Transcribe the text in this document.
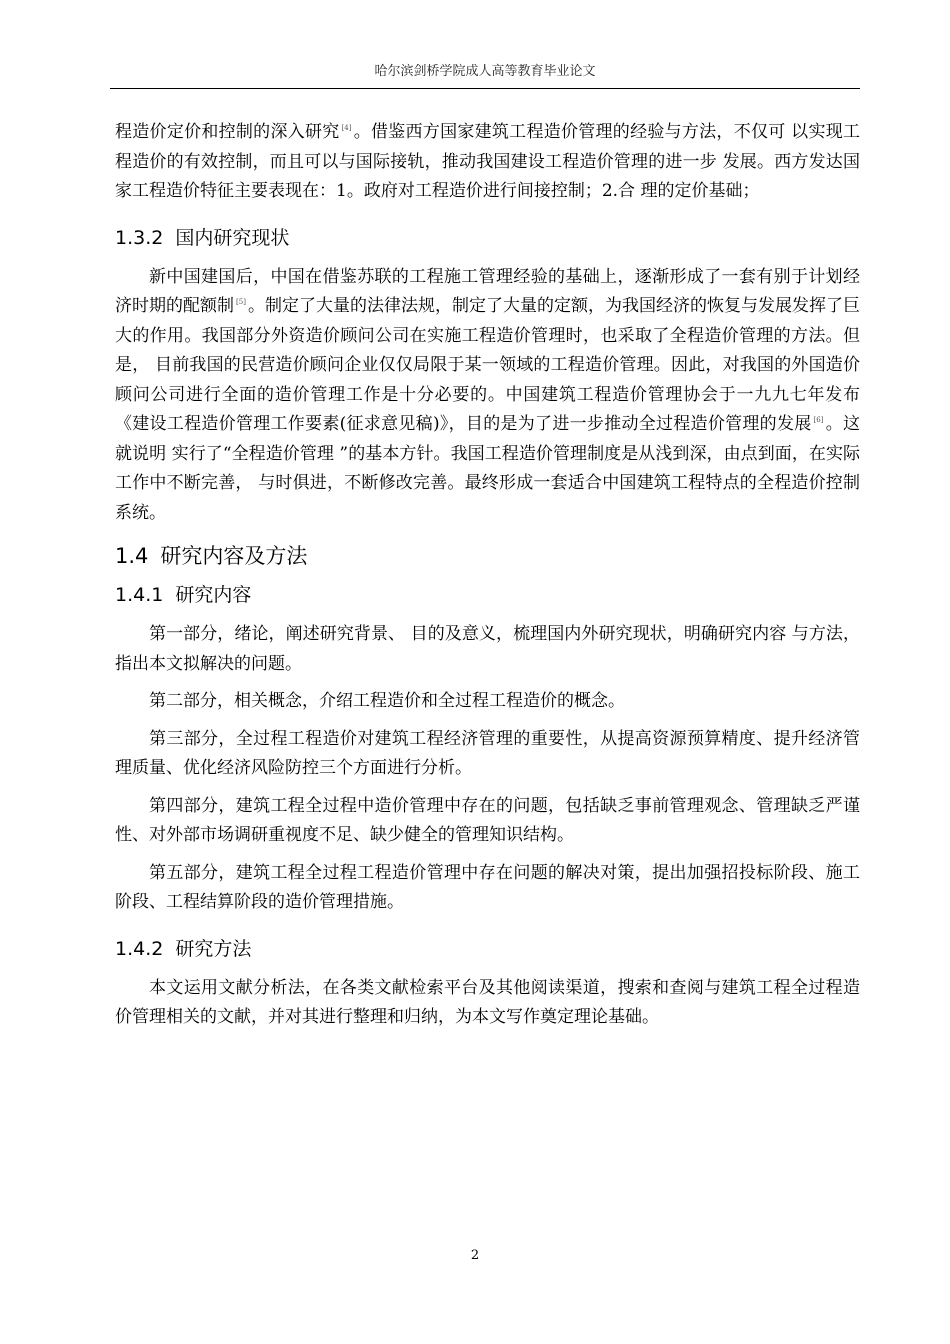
哈尔滨剑桥学院成人高等教育毕业论文

程造价定价和控制的深入研究 [4] 。借鉴西方国家建筑工程造价管理的经验与方法，不仅可 以实现工程造价的有效控制，而且可以与国际接轨，推动我国建设工程造价管理的进一步 发展。西方发达国家工程造价特征主要表现在：1。政府对工程造价进行间接控制；2.合 理的定价基础；

1.3.2 国内研究现状

新中国建国后，中国在借鉴苏联的工程施工管理经验的基础上，逐渐形成了一套有别于计划经济时期的配额制 [5] 。制定了大量的法律法规，制定了大量的定额，为我国经济的恢复与发展发挥了巨大的作用。我国部分外资造价顾问公司在实施工程造价管理时，也采取了全程造价管理的方法。但是， 目前我国的民营造价顾问企业仅仅局限于某一领域的工程造价管理。因此，对我国的外国造价顾问公司进行全面的造价管理工作是十分必要的。中国建筑工程造价管理协会于一九九七年发布《建设工程造价管理工作要素(征求意见稿)》，目的是为了进一步推动全过程造价管理的发展 [6] 。这就说明 实行了“全程造价管理 ”的基本方针。我国工程造价管理制度是从浅到深，由点到面，在实际工作中不断完善， 与时俱进，不断修改完善。最终形成一套适合中国建筑工程特点的全程造价控制系统。

1.4 研究内容及方法
1.4.1 研究内容

第一部分，绪论，阐述研究背景、 目的及意义，梳理国内外研究现状，明确研究内容 与方法，指出本文拟解决的问题。

第二部分，相关概念，介绍工程造价和全过程工程造价的概念。

第三部分，全过程工程造价对建筑工程经济管理的重要性，从提高资源预算精度、提升经济管理质量、优化经济风险防控三个方面进行分析。

第四部分，建筑工程全过程中造价管理中存在的问题，包括缺乏事前管理观念、管理缺乏严谨性、对外部市场调研重视度不足、缺少健全的管理知识结构。

第五部分，建筑工程全过程工程造价管理中存在问题的解决对策，提出加强招投标阶段、施工阶段、工程结算阶段的造价管理措施。

1.4.2 研究方法

本文运用文献分析法，在各类文献检索平台及其他阅读渠道，搜索和查阅与建筑工程全过程造价管理相关的文献，并对其进行整理和归纳，为本文写作奠定理论基础。

2
